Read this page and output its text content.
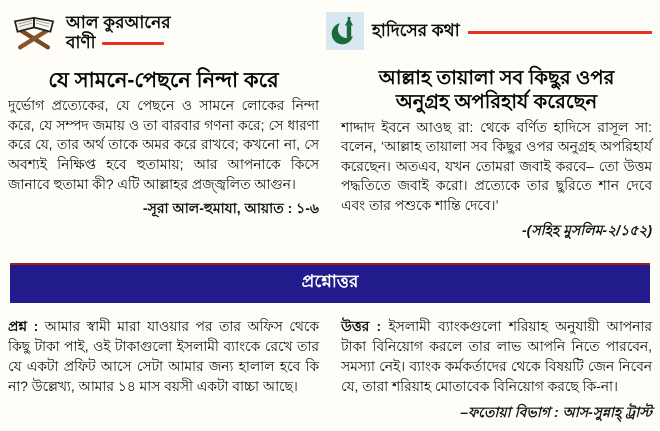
আল কুরআনের
বাণী
হাদিসের কথা
যে সামনে-পেছনে নিন্দা করে
দুর্ভোগ প্রত্যেকের, যে পেছনে ও সামনে লোকের নিন্দা করে, যে সম্পদ জমায় ও তা বারবার গণনা করে; সে ধারণা করে যে, তার অর্থ তাকে অমর করে রাখবে; কখনো না, সে অবশ্যই নিক্ষিপ্ত হবে হুতামায়; আর আপনাকে কিসে জানাবে হুতামা কী? এটি আল্লাহর প্রজ্জ্বলিত আগুন।
-সূরা আল-হুমাযা, আয়াত : ১-৬
আল্লাহ তায়ালা সব কিছুর ওপর
অনুগ্রহ অপরিহার্য করেছেন
শাদ্দাদ ইবনে আওছ রা: থেকে বর্ণিত হাদিসে রাসূল সা: বলেন, ‘আল্লাহ তায়ালা সব কিছুর ওপর অনুগ্রহ অপরিহার্য করেছেন। অতএব, যখন তোমরা জবাই করবে– তো উত্তম পদ্ধতিতে জবাই করো। প্রত্যেকে তার ছুরিতে শান দেবে এবং তার পশুকে শান্তি দেবে।’
-(সহিহ মুসলিম-২/১৫২)
প্রশ্নোত্তর
প্রশ্ন : আমার স্বামী মারা যাওয়ার পর তার অফিস থেকে কিছু টাকা পাই, ওই টাকাগুলো ইসলামী ব্যাংকে রেখে তার যে একটা প্রফিট আসে সেটা আমার জন্য হালাল হবে কি না? উল্লেখ্য, আমার ১৪ মাস বয়সী একটা বাচ্চা আছে।
উত্তর : ইসলামী ব্যাংকগুলো শরিয়াহ অনুযায়ী আপনার টাকা বিনিয়োগ করলে তার লাভ আপনি নিতে পারবেন, সমস্যা নেই। ব্যাংক কর্মকর্তাদের থেকে বিষয়টি জেন নিবেন যে, তারা শরিয়াহ মোতাবেক বিনিয়োগ করছে কি-না।
–ফতোয়া বিভাগ : আস-সুন্নাহ্ ট্রাস্ট
